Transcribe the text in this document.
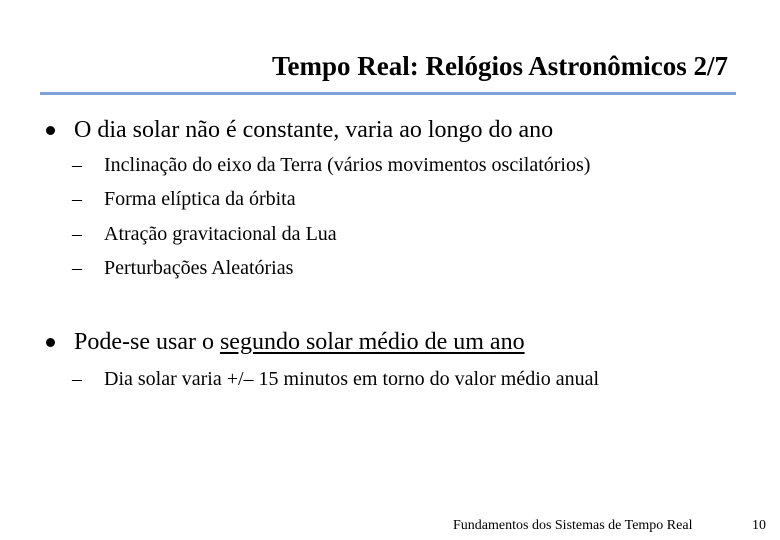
Tempo Real: Relógios Astronômicos 2/7
O dia solar não é constante, varia ao longo do ano
– Inclinação do eixo da Terra (vários movimentos oscilatórios)
– Forma elíptica da órbita
– Atração gravitacional da Lua
– Perturbações Aleatórias
Pode-se usar o segundo solar médio de um ano
– Dia solar varia +/– 15 minutos em torno do valor médio anual
Fundamentos dos Sistemas de Tempo Real	10
